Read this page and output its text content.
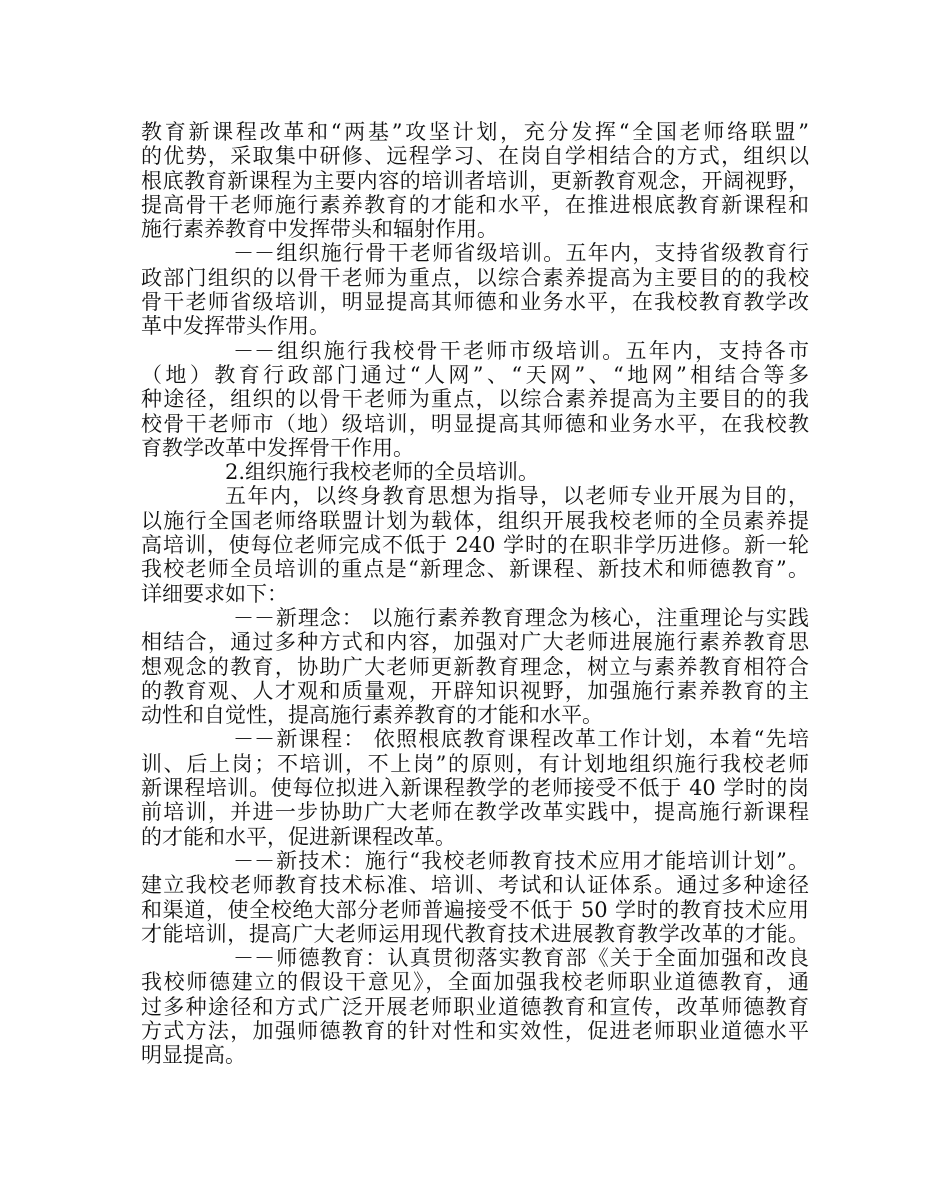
教育新课程改革和“两基”攻坚计划，充分发挥“全国老师络联盟”
的优势，采取集中研修、远程学习、在岗自学相结合的方式，组织以
根底教育新课程为主要内容的培训者培训，更新教育观念，开阔视野，
提高骨干老师施行素养教育的才能和水平，在推进根底教育新课程和
施行素养教育中发挥带头和辐射作用。
－－组织施行骨干老师省级培训。五年内，支持省级教育行
政部门组织的以骨干老师为重点，以综合素养提高为主要目的的我校
骨干老师省级培训，明显提高其师德和业务水平，在我校教育教学改
革中发挥带头作用。
－－组织施行我校骨干老师市级培训。五年内，支持各市
（地）教育行政部门通过“人网”、“天网”、“地网”相结合等多
种途径，组织的以骨干老师为重点，以综合素养提高为主要目的的我
校骨干老师市（地）级培训，明显提高其师德和业务水平，在我校教
育教学改革中发挥骨干作用。
2.组织施行我校老师的全员培训。
五年内，以终身教育思想为指导，以老师专业开展为目的，
以施行全国老师络联盟计划为载体，组织开展我校老师的全员素养提
高培训，使每位老师完成不低于 240 学时的在职非学历进修。新一轮
我校老师全员培训的重点是“新理念、新课程、新技术和师德教育”。
详细要求如下：
－－新理念： 以施行素养教育理念为核心，注重理论与实践
相结合，通过多种方式和内容，加强对广大老师进展施行素养教育思
想观念的教育，协助广大老师更新教育理念，树立与素养教育相符合
的教育观、人才观和质量观，开辟知识视野，加强施行素养教育的主
动性和自觉性，提高施行素养教育的才能和水平。
－－新课程： 依照根底教育课程改革工作计划，本着“先培
训、后上岗；不培训，不上岗”的原则，有计划地组织施行我校老师
新课程培训。使每位拟进入新课程教学的老师接受不低于 40 学时的岗
前培训，并进一步协助广大老师在教学改革实践中，提高施行新课程
的才能和水平，促进新课程改革。
－－新技术：施行“我校老师教育技术应用才能培训计划”。
建立我校老师教育技术标准、培训、考试和认证体系。通过多种途径
和渠道，使全校绝大部分老师普遍接受不低于 50 学时的教育技术应用
才能培训，提高广大老师运用现代教育技术进展教育教学改革的才能。
－－师德教育：认真贯彻落实教育部《关于全面加强和改良
我校师德建立的假设干意见》，全面加强我校老师职业道德教育，通
过多种途径和方式广泛开展老师职业道德教育和宣传，改革师德教育
方式方法，加强师德教育的针对性和实效性，促进老师职业道德水平
明显提高。
